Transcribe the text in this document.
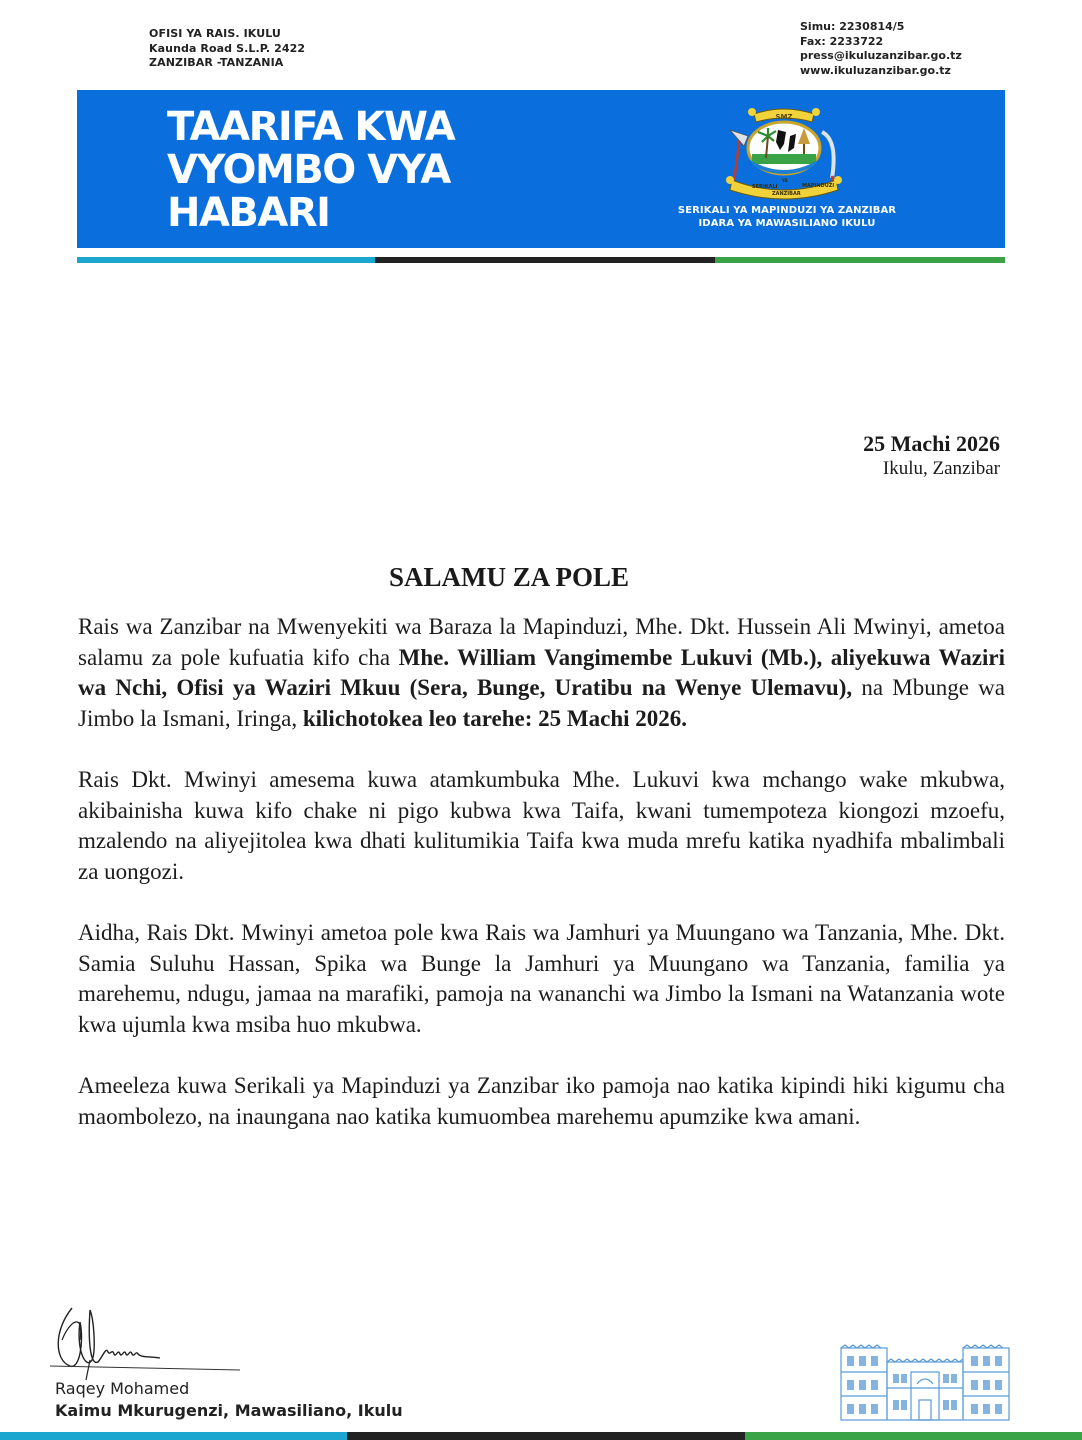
OFISI YA RAIS. IKULU
Kaunda Road S.L.P. 2422
ZANZIBAR -TANZANIA
Simu: 2230814/5
Fax: 2233722
press@ikuluzanzibar.go.tz
www.ikuluzanzibar.go.tz
TAARIFA KWA
VYOMBO VYA
HABARI
SMZ
SERIKALI
YA
MAPINDUZI
ZANZIBAR
SERIKALI YA MAPINDUZI YA ZANZIBAR
IDARA YA MAWASILIANO IKULU
25 Machi 2026
Ikulu, Zanzibar
SALAMU ZA POLE

Rais wa Zanzibar na Mwenyekiti wa Baraza la Mapinduzi, Mhe. Dkt. Hussein Ali Mwinyi, ametoa salamu za pole kufuatia kifo cha Mhe. William Vangimembe Lukuvi (Mb.), aliyekuwa Waziri wa Nchi, Ofisi ya Waziri Mkuu (Sera, Bunge, Uratibu na Wenye Ulemavu), na Mbunge wa Jimbo la Ismani, Iringa, kilichotokea leo tarehe: 25 Machi 2026.

Rais Dkt. Mwinyi amesema kuwa atamkumbuka Mhe. Lukuvi kwa mchango wake mkubwa, akibainisha kuwa kifo chake ni pigo kubwa kwa Taifa, kwani tumempoteza kiongozi mzoefu, mzalendo na aliyejitolea kwa dhati kulitumikia Taifa kwa muda mrefu katika nyadhifa mbalimbali za uongozi.

Aidha, Rais Dkt. Mwinyi ametoa pole kwa Rais wa Jamhuri ya Muungano wa Tanzania, Mhe. Dkt. Samia Suluhu Hassan, Spika wa Bunge la Jamhuri ya Muungano wa Tanzania, familia ya marehemu, ndugu, jamaa na marafiki, pamoja na wananchi wa Jimbo la Ismani na Watanzania wote kwa ujumla kwa msiba huo mkubwa.

Ameeleza kuwa Serikali ya Mapinduzi ya Zanzibar iko pamoja nao katika kipindi hiki kigumu cha maombolezo, na inaungana nao katika kumuombea marehemu apumzike kwa amani.

Raqey Mohamed
Kaimu Mkurugenzi, Mawasiliano, Ikulu
